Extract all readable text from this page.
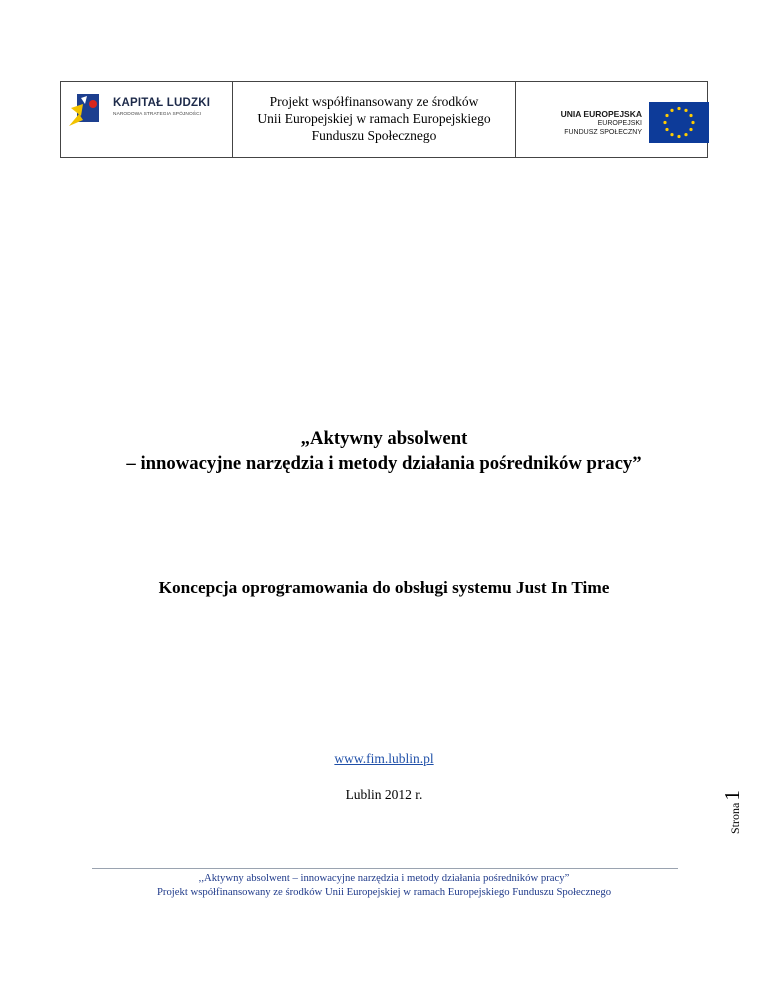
KAPITAŁ LUDZKI
NARODOWA STRATEGIA SPÓJNOŚCI
Projekt współfinansowany ze środków
Unii Europejskiej w ramach Europejskiego
Funduszu Społecznego
UNIA EUROPEJSKA
EUROPEJSKI
FUNDUSZ SPOŁECZNY
„Aktywny absolwent
– innowacyjne narzędzia i metody działania pośredników pracy”
Koncepcja oprogramowania do obsługi systemu Just In Time
www.fim.lublin.pl
Lublin 2012 r.
Strona1
,,Aktywny absolwent – innowacyjne narzędzia i metody działania pośredników pracy”
Projekt współfinansowany ze środków Unii Europejskiej w ramach Europejskiego Funduszu Społecznego
